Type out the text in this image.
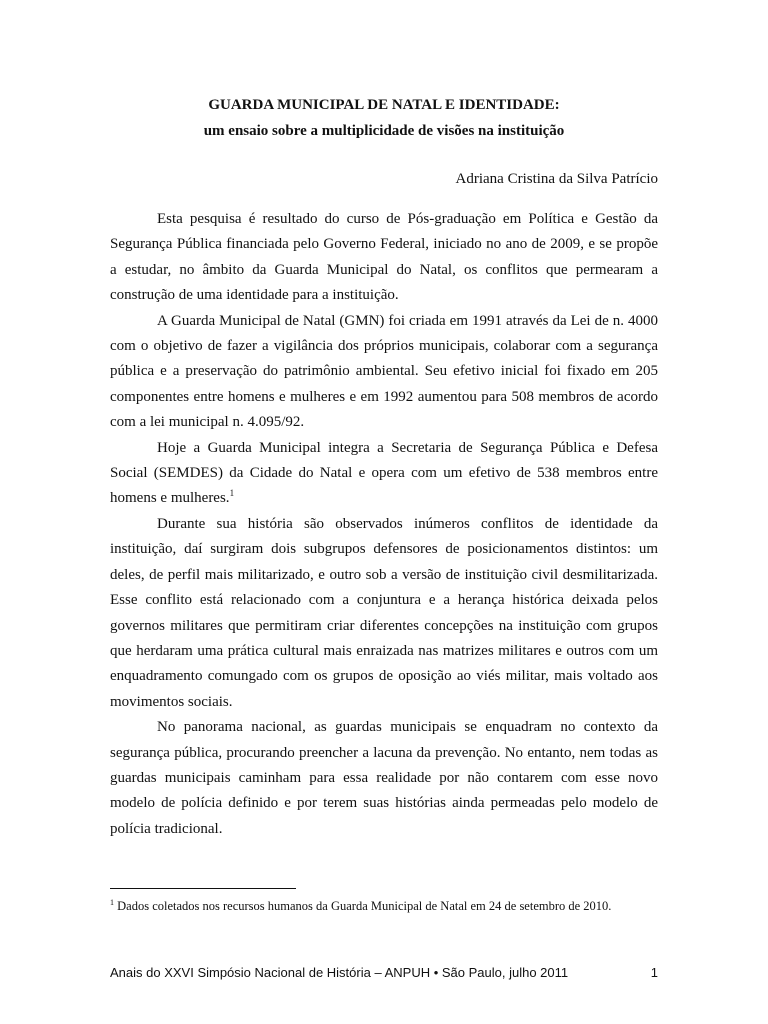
GUARDA MUNICIPAL DE NATAL E IDENTIDADE:
um ensaio sobre a multiplicidade de visões na instituição
Adriana Cristina da Silva Patrício

Esta pesquisa é resultado do curso de Pós-graduação em Política e Gestão da Segurança Pública financiada pelo Governo Federal, iniciado no ano de 2009, e se propõe a estudar, no âmbito da Guarda Municipal do Natal, os conflitos que permearam a construção de uma identidade para a instituição.

A Guarda Municipal de Natal (GMN) foi criada em 1991 através da Lei de n. 4000 com o objetivo de fazer a vigilância dos próprios municipais, colaborar com a segurança pública e a preservação do patrimônio ambiental. Seu efetivo inicial foi fixado em 205 componentes entre homens e mulheres e em 1992 aumentou para 508 membros de acordo com a lei municipal n. 4.095/92.

Hoje a Guarda Municipal integra a Secretaria de Segurança Pública e Defesa Social (SEMDES) da Cidade do Natal e opera com um efetivo de 538 membros entre homens e mulheres.$^1$

Durante sua história são observados inúmeros conflitos de identidade da instituição, daí surgiram dois subgrupos defensores de posicionamentos distintos: um deles, de perfil mais militarizado, e outro sob a versão de instituição civil desmilitarizada. Esse conflito está relacionado com a conjuntura e a herança histórica deixada pelos governos militares que permitiram criar diferentes concepções na instituição com grupos que herdaram uma prática cultural mais enraizada nas matrizes militares e outros com um enquadramento comungado com os grupos de oposição ao viés militar, mais voltado aos movimentos sociais.

No panorama nacional, as guardas municipais se enquadram no contexto da segurança pública, procurando preencher a lacuna da prevenção. No entanto, nem todas as guardas municipais caminham para essa realidade por não contarem com esse novo modelo de polícia definido e por terem suas histórias ainda permeadas pelo modelo de polícia tradicional.

$^1$ Dados coletados nos recursos humanos da Guarda Municipal de Natal em 24 de setembro de 2010.
Anais do XXVI Simpósio Nacional de História – ANPUH • São Paulo, julho 2011	1
